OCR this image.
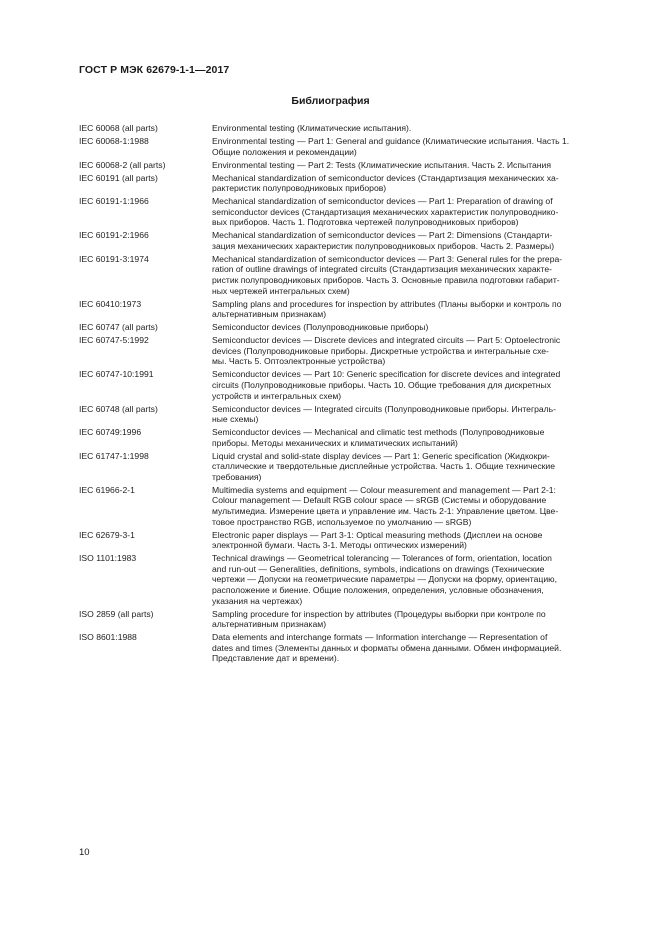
ГОСТ Р МЭК 62679-1-1—2017
Библиография
IEC 60068 (all parts)	Environmental testing (Климатические испытания).
IEC 60068-1:1988	Environmental testing — Part 1: General and guidance (Климатические испытания. Часть 1.
Общие положения и рекомендации)
IEC 60068-2 (all parts)	Environmental testing — Part 2: Tests (Климатические испытания. Часть 2. Испытания
IEC 60191 (all parts)	Mechanical standardization of semiconductor devices (Стандартизация механических ха-
рактеристик полупроводниковых приборов)
IEC 60191-1:1966	Mechanical standardization of semiconductor devices — Part 1: Preparation of drawing of
semiconductor devices (Стандартизация механических характеристик полупроводнико-
вых приборов. Часть 1. Подготовка чертежей полупроводниковых приборов)
IEC 60191-2:1966	Mechanical standardization of semiconductor devices — Part 2: Dimensions (Стандарти-
зация механических характеристик полупроводниковых приборов. Часть 2. Размеры)
IEC 60191-3:1974	Mechanical standardization of semiconductor devices — Part 3: General rules for the prepa-
ration of outline drawings of integrated circuits (Стандартизация механических характе-
ристик полупроводниковых приборов. Часть 3. Основные правила подготовки габарит-
ных чертежей интегральных схем)
IEC 60410:1973	Sampling plans and procedures for inspection by attributes (Планы выборки и контроль по
альтернативным признакам)
IEC 60747 (all parts)	Semiconductor devices (Полупроводниковые приборы)
IEC 60747-5:1992	Semiconductor devices — Discrete devices and integrated circuits — Part 5: Optoelectronic
devices (Полупроводниковые приборы. Дискретные устройства и интегральные схе-
мы. Часть 5. Оптоэлектронные устройства)
IEC 60747-10:1991	Semiconductor devices — Part 10: Generic specification for discrete devices and integrated
circuits (Полупроводниковые приборы. Часть 10. Общие требования для дискретных
устройств и интегральных схем)
IEC 60748 (all parts)	Semiconductor devices — Integrated circuits (Полупроводниковые приборы. Интеграль-
ные схемы)
IEC 60749:1996	Semiconductor devices — Mechanical and climatic test methods (Полупроводниковые
приборы. Методы механических и климатических испытаний)
IEC 61747-1:1998	Liquid crystal and solid-state display devices — Part 1: Generic specification (Жидкокри-
сталлические и твердотельные дисплейные устройства. Часть 1. Общие технические
требования)
IEC 61966-2-1	Multimedia systems and equipment — Colour measurement and management — Part 2-1:
Colour management — Default RGB colour space — sRGB (Системы и оборудование
мультимедиа. Измерение цвета и управление им. Часть 2-1: Управление цветом. Цве-
товое пространство RGB, используемое по умолчанию — sRGB)
IEC 62679-3-1	Electronic paper displays — Part 3-1: Optical measuring methods (Дисплеи на основе
электронной бумаги. Часть 3-1. Методы оптических измерений)
ISO 1101:1983	Technical drawings — Geometrical tolerancing — Tolerances of form, orientation, location
and run-out — Generalities, definitions, symbols, indications on drawings (Технические
чертежи — Допуски на геометрические параметры — Допуски на форму, ориентацию,
расположение и биение. Общие положения, определения, условные обозначения,
указания на чертежах)
ISO 2859 (all parts)	Sampling procedure for inspection by attributes (Процедуры выборки при контроле по
альтернативным признакам)
ISO 8601:1988	Data elements and interchange formats — Information interchange — Representation of
dates and times (Элементы данных и форматы обмена данными. Обмен информацией.
Представление дат и времени).
10
